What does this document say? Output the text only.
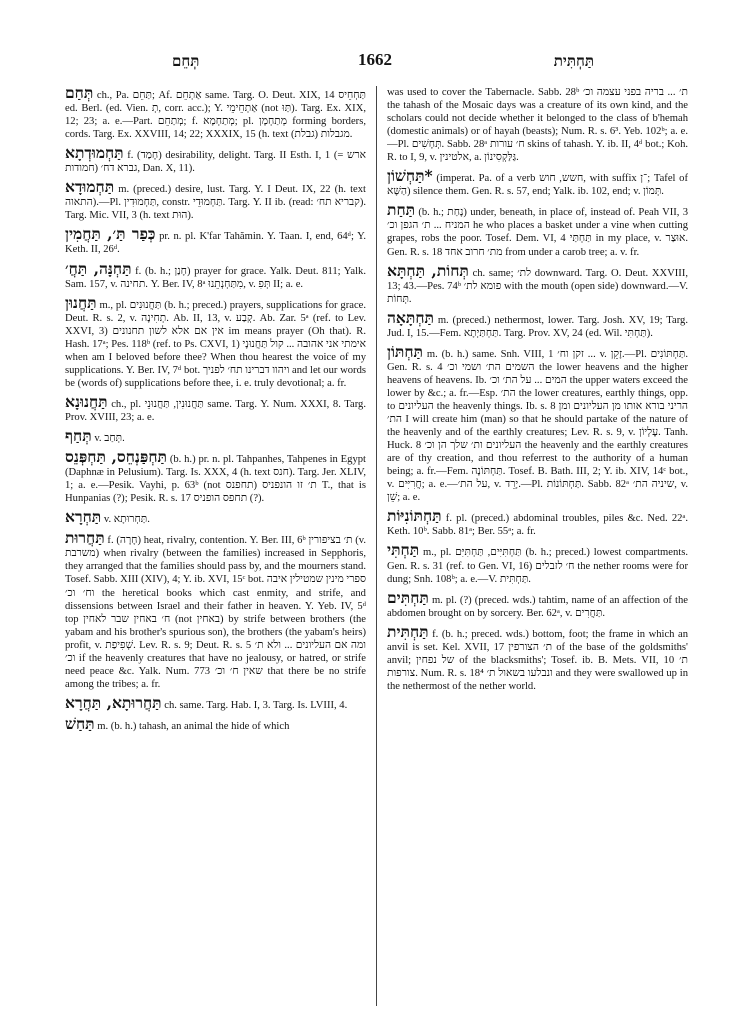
תְּחֵם	1662	תַּחְתִּית

תְּחַם ch., Pa. תַּחֵם; Af. אַתְחֵם same. Targ. O. Deut. XIX, 14 תַּחְחֵיס ed. Berl. (ed. Vien. תְ, corr. acc.); Y. אַתְחֵימֵי (not תַּוּ). Targ. Ex. XIX, 12; 23; a. e.—Part. מְתַחֵם; f. מְתַחְמָא; pl. מְתַחְמָן forming borders, cords. Targ. Ex. XXVIII, 14; 22; XXXIX, 15 (h. text מגבלות (גבלת).

תַּחְמוּדְתָא f. (חָמַד) desirability, delight. Targ. II Esth. I, 1 (= ארש חמודות) גברא דח׳, Dan. X, 11).

תַּחְמוּדָא m. (preced.) desire, lust. Targ. Y. I Deut. IX, 22 (h. text התאוה).—Pl. תַּחְמוּדִין, constr. תַּחְמוּדֵי. Targ. Y. II ib. (read: קבריא תח׳). Targ. Mic. VII, 3 (h. text הוּת).

כְּפַר תַּ׳, תַּחֲמִין pr. n. pl. K'far Tahămin. Y. Taan. I, end, 64ᵈ; Y. Keth. II, 26ᵈ.

תַּחְנָּה, תַּחֲ׳ f. (b. h.; חָנַן) prayer for grace. Yalk. Deut. 811; Yalk. Sam. 157, v. תחינה. Y. Ber. IV, 8ᵃ מִתַּחְנְתֵנוּ, v. תְּפִ II; a. e.

תַּחֲנוּן m., pl. תַּחֲנוּנִים (b. h.; preced.) prayers, supplications for grace. Deut. R. s. 2, v. תְחִינָה. Ab. II, 13, v. קְבַע. Ab. Zar. 5ᵃ (ref. to Lev. XXVI, 3) אין אם אלא לשון תחנונים im means prayer (Oh that). R. Hash. 17ᵃ; Pes. 118ᵇ (ref. to Ps. CXVI, 1) אימתי אני אהובה ... קול תַּחֲנוּנָי when am I beloved before thee? When thou hearest the voice of my supplications. Y. Ber. IV, 7ᵈ bot. ויהוו דברינו תח׳ לפניך and let our words be (words of) supplications before thee, i. e. truly devotional; a. fr.

תַּחֲנוּנָא ch., pl. תַּחֲנוּנִין, תַּחֲנוּנֵי same. Targ. Y. Num. XXXI, 8. Targ. Prov. XVIII, 23; a. e.

תְּחַף v. תְּחַב.

תַּחְפַּנְחֵס, תַּחְפְּנֵס (b. h.) pr. n. pl. Tahpanhes, Tahpenes in Egypt (Daphnæ in Pelusium). Targ. Is. XXX, 4 (h. text חנס). Targ. Jer. XLIV, 1; a. e.—Pesik. Vayhi, p. 63ᵇ (not תחפנס) ת׳ זו הונפניס T., that is Hunpanias (?); Pesik. R. s. 17 תחפס הופניס (?).

תַּחְרָא v. תַּחְרוּתָא.

תַּחֲרוּת f. (חָרָה) heat, rivalry, contention. Y. Ber. III, 6ᵇ ת׳ בציפורין (v. משרבת) when rivalry (between the families) increased in Sepphoris, they arranged that the families should pass by, and the mourners stand. Tosef. Sabb. XIII (XIV), 4; Y. ib. XVI, 15ᶜ bot. ספרי מינין שמטילין איבה וח׳ וכ׳ the heretical books which cast enmity, and strife, and dissensions between Israel and their father in heaven. Y. Yeb. IV, 5ᵈ top ח׳ באחין שבר לאחין (not באחין) by strife between brothers (the yabam and his brother's spurious son), the brothers (the yabam's heirs) profit, v. שְׁפִיפַת. Lev. R. s. 9; Deut. R. s. 5 ומה אם העליונים ... ולא ת׳ וכ׳ if the heavenly creatures that have no jealousy, or hatred, or strife need peace &c. Yalk. Num. 773 שאין ח׳ וכ׳ that there be no strife among the tribes; a. fr.

תַּחֲרוּתָא, תַּחֲרָא ch. same. Targ. Hab. I, 3. Targ. Is. LVIII, 4.

תַּחַשׁ m. (b. h.) tahash, an animal the hide of which

was used to cover the Tabernacle. Sabb. 28ᵇ ת׳ ... בריה בפני עצמה וכ׳ the tahash of the Mosaic days was a creature of its own kind, and the scholars could not decide whether it belonged to the class of b'hemah (domestic animals) or of hayah (beasts); Num. R. s. 6³. Yeb. 102ᵇ; a. e.—Pl. תְּחָשִׁים. Sabb. 28ᵃ ח׳ עורות skins of tahash. Y. ib. II, 4ᵈ bot.; Koh. R. to I, 9, v. אלטינין, a. גַּלַּקְסִינוֹן.

*תַּחְשׁוֹן (imperat. Pa. of a verb חשש, חוש, with suffix ־ן; Tafel of הַשָּׁא) silence them. Gen. R. s. 57, end; Yalk. ib. 102, end; v. תְּמוֹן.

תַּחַת (b. h.; נָחַת) under, beneath, in place of, instead of. Peah VII, 3 המניח ... ת׳ הגפן וכ׳ he who places a basket under a vine when cutting grapes, robs the poor. Tosef. Dem. VI, 4 תַּחְתַּי in my place, v. אוּצַר. Gen. R. s. 18 מת׳ חרוב אחד from under a carob tree; a. v. fr.

תְּחוֹת, תַּחְתָּא ch. same; לת׳ downward. Targ. O. Deut. XXVIII, 13; 43.—Pes. 74ᵇ פומא לת׳ with the mouth (open side) downward.—V. תְּחוֹת.

תַּחְתָּאָה m. (preced.) nethermost, lower. Targ. Josh. XV, 19; Targ. Jud. I, 15.—Fem. תַּחְתַּיְתָא. Targ. Prov. XV, 24 (ed. Wil. תַּחְתִּי).

תַּחְתּוֹן m. (b. h.) same. Snh. VIII, 1 זקן וח׳ ... v. זָקֵן.—Pl. תַּחְתּוֹנִים. Gen. R. s. 4 השמים הת׳ ושמי וכ׳ the lower heavens and the higher heavens of heavens. Ib. המים ... על הת׳ וכ׳ the upper waters exceed the lower by &c.; a. fr.—Esp. הת׳ the lower creatures, earthly things, opp. to העליונים the heavenly things. Ib. s. 8 הריני בורא אותו מן העליונים ומן הת׳ I will create him (man) so that he should partake of the nature of the heavenly and of the earthly creatures; Lev. R. s. 9, v. עֶלְיוֹן. Tanh. Huck. 8 העליונים ות׳ שלך הן וכ׳ the heavenly and the earthly creatures are of thy creation, and thou referrest to the authority of a human being; a. fr.—Fem. תַּחְתּוֹנָה. Tosef. B. Bath. III, 2; Y. ib. XIV, 14ᶜ bot., v. חֲרִיִּים; a. e.—על הת׳, v. יָרֵד.—Pl. תַּחְתּוֹנוֹת. Sabb. 82ᵃ שיניה הת׳, v. שֵׁן; a. e.

תַּחְתּוֹנִיּוֹת f. pl. (preced.) abdominal troubles, piles &c. Ned. 22ᵃ. Keth. 10ᵇ. Sabb. 81ᵃ; Ber. 55ᵃ; a. fr.

תַּחְתִּי m., pl. תַּחְתִּיִּים, תַּחְתִּיִּם (b. h.; preced.) lowest compartments. Gen. R. s. 31 (ref. to Gen. VI, 16) ח׳ לזבלים the nether rooms were for dung; Snh. 108ᵇ; a. e.—V. תַּחְתִּית.

תַּחְתִּים m. pl. (?) (preced. wds.) tahtim, name of an affection of the abdomen brought on by sorcery. Ber. 62ᵃ, v. תַּחֲרִים.

תַּחְתִּית f. (b. h.; preced. wds.) bottom, foot; the frame in which an anvil is set. Kel. XVII, 17 ת׳ הצורפין of the base of the goldsmiths' anvil; של נפחין of the blacksmiths'; Tosef. ib. B. Mets. VII, 10 ת׳ צורפות. Num. R. s. 18⁴ ונבלעו בשאול ת׳ and they were swallowed up in the nethermost of the nether world.
